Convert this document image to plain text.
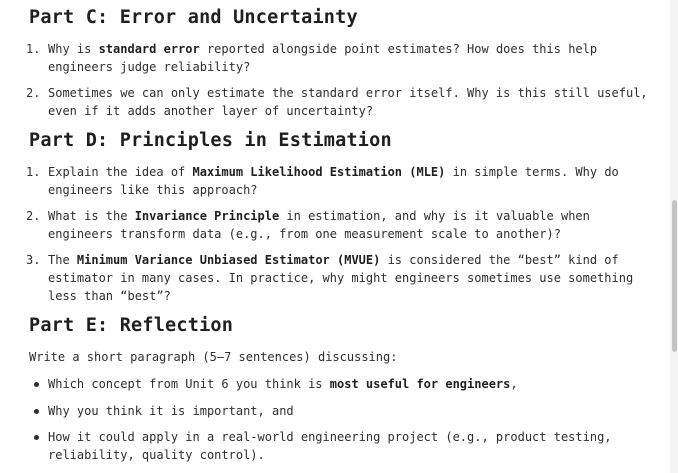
Part C: Error and Uncertainty
1. Why is standard error reported alongside point estimates? How does this help
engineers judge reliability?
2. Sometimes we can only estimate the standard error itself. Why is this still useful,
even if it adds another layer of uncertainty?
Part D: Principles in Estimation
1. Explain the idea of Maximum Likelihood Estimation (MLE) in simple terms. Why do
engineers like this approach?
2. What is the Invariance Principle in estimation, and why is it valuable when
engineers transform data (e.g., from one measurement scale to another)?
3. The Minimum Variance Unbiased Estimator (MVUE) is considered the “best” kind of
estimator in many cases. In practice, why might engineers sometimes use something
less than “best”?
Part E: Reflection
Write a short paragraph (5–7 sentences) discussing:
Which concept from Unit 6 you think is most useful for engineers,
Why you think it is important, and
How it could apply in a real-world engineering project (e.g., product testing,
reliability, quality control).
